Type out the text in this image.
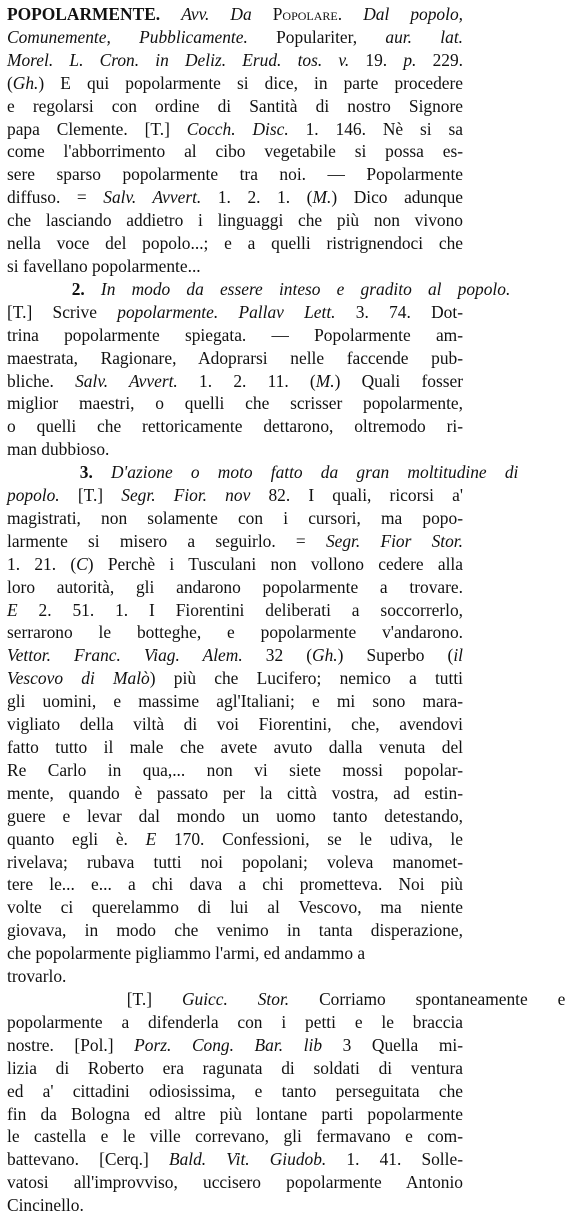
POPOLARMENTE. Avv. Da Popolare. Dal popolo,
Comunemente, Pubblicamente. Populariter, aur. lat.
Morel. L. Cron. in Deliz. Erud. tos. v. 19. p. 229.
(Gh.) E qui popolarmente si dice, in parte procedere
e regolarsi con ordine di Santità di nostro Signore
papa Clemente. [T.] Cocch. Disc. 1. 146. Nè si sa
come l'abborrimento al cibo vegetabile si possa es-
sere sparso popolarmente tra noi. — Popolarmente
diffuso. = Salv. Avvert. 1. 2. 1. (M.) Dico adunque
che lasciando addietro i linguaggi che più non vivono
nella voce del popolo...; e a quelli ristrignendoci che
si favellano popolarmente...
2. In modo da essere inteso e gradito al popolo.
[T.] Scrive popolarmente. Pallav Lett. 3. 74. Dot-
trina popolarmente spiegata. — Popolarmente am-
maestrata, Ragionare, Adoprarsi nelle faccende pub-
bliche. Salv. Avvert. 1. 2. 11. (M.) Quali fosser
miglior maestri, o quelli che scrisser popolarmente,
o quelli che rettoricamente dettarono, oltremodo ri-
man dubbioso.
3. D'azione o moto fatto da gran moltitudine di
popolo. [T.] Segr. Fior. nov 82. I quali, ricorsi a'
magistrati, non solamente con i cursori, ma popo-
larmente si misero a seguirlo. = Segr. Fior Stor.
1. 21. (C) Perchè i Tusculani non vollono cedere alla
loro autorità, gli andarono popolarmente a trovare.
E 2. 51. 1. I Fiorentini deliberati a soccorrerlo,
serrarono le botteghe, e popolarmente v'andarono.
Vettor. Franc. Viag. Alem. 32 (Gh.) Superbo (il
Vescovo di Malò) più che Lucifero; nemico a tutti
gli uomini, e massime agl'Italiani; e mi sono mara-
vigliato della viltà di voi Fiorentini, che, avendovi
fatto tutto il male che avete avuto dalla venuta del
Re Carlo in qua,... non vi siete mossi popolar-
mente, quando è passato per la città vostra, ad estin-
guere e levar dal mondo un uomo tanto detestando,
quanto egli è. E 170. Confessioni, se le udiva, le
rivelava; rubava tutti noi popolani; voleva manomet-
tere le... e... a chi dava a chi prometteva. Noi più
volte ci querelammo di lui al Vescovo, ma niente
giovava, in modo che venimo in tanta disperazione,
che popolarmente pigliammo l'armi, ed andammo a
trovarlo.
[T.] Guicc. Stor. Corriamo spontaneamente e
popolarmente a difenderla con i petti e le braccia
nostre. [Pol.] Porz. Cong. Bar. lib 3 Quella mi-
lizia di Roberto era ragunata di soldati di ventura
ed a' cittadini odiosissima, e tanto perseguitata che
fin da Bologna ed altre più lontane parti popolarmente
le castella e le ville correvano, gli fermavano e com-
battevano. [Cerq.] Bald. Vit. Giudob. 1. 41. Solle-
vatosi all'improvviso, uccisero popolarmente Antonio
Cincinello.
